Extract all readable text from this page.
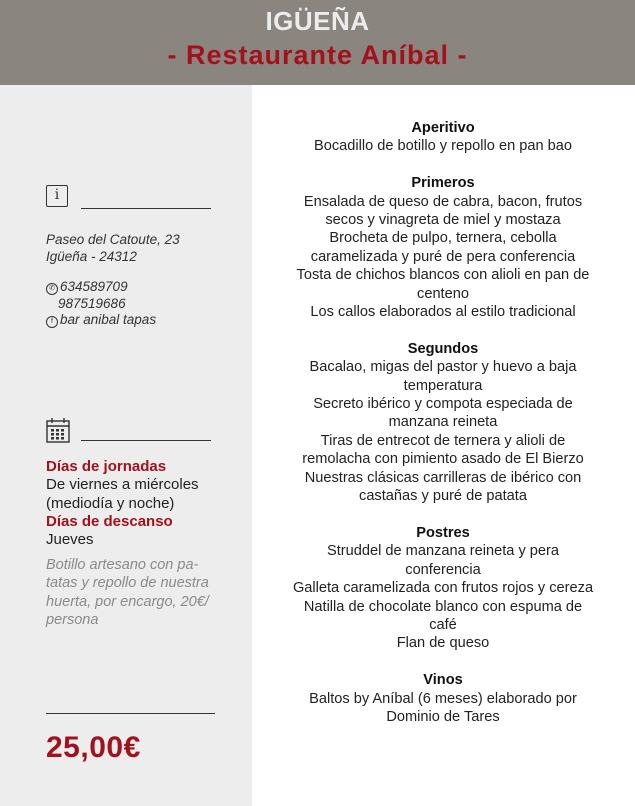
IGÜEÑA
- Restaurante Aníbal -
i
Paseo del Catoute, 23
Igüeña - 24312
✆ 634589709
987519686
f bar anibal tapas
Días de jornadas
De viernes a miércoles
(mediodía y noche)
Días de descanso
Jueves
Botillo artesano con pa-
tatas y repollo de nuestra
huerta, por encargo, 20€/
persona
25,00€
Aperitivo
Bocadillo de botillo y repollo en pan bao
Primeros
Ensalada de queso de cabra, bacon, frutos
secos y vinagreta de miel y mostaza
Brocheta de pulpo, ternera, cebolla
caramelizada y puré de pera conferencia
Tosta de chichos blancos con alioli en pan de
centeno
Los callos elaborados al estilo tradicional
Segundos
Bacalao, migas del pastor y huevo a baja
temperatura
Secreto ibérico y compota especiada de
manzana reineta
Tiras de entrecot de ternera y alioli de
remolacha con pimiento asado de El Bierzo
Nuestras clásicas carrilleras de ibérico con
castañas y puré de patata
Postres
Struddel de manzana reineta y pera
conferencia
Galleta caramelizada con frutos rojos y cereza
Natilla de chocolate blanco con espuma de
café
Flan de queso
Vinos
Baltos by Aníbal (6 meses) elaborado por
Dominio de Tares
